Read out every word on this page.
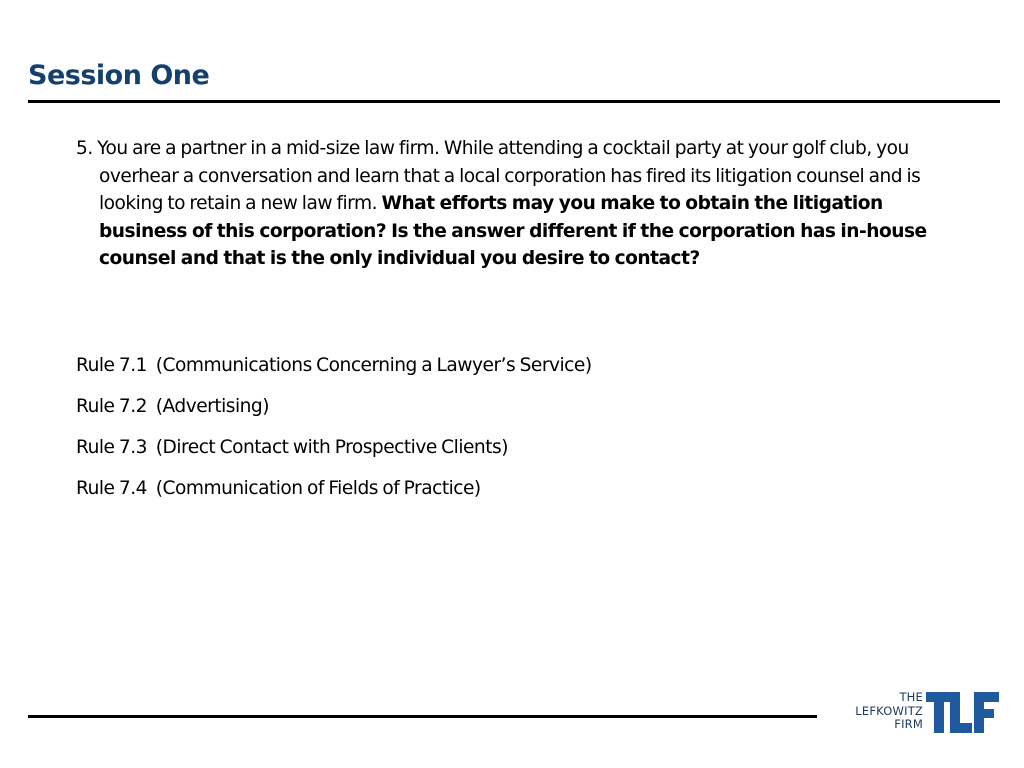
Session One
5. You are a partner in a mid-size law firm. While attending a cocktail party at your golf club, you overhear a conversation and learn that a local corporation has fired its litigation counsel and is looking to retain a new law firm. What efforts may you make to obtain the litigation business of this corporation? Is the answer different if the corporation has in-house counsel and that is the only individual you desire to contact?
Rule 7.1  (Communications Concerning a Lawyer’s Service)
Rule 7.2  (Advertising)
Rule 7.3  (Direct Contact with Prospective Clients)
Rule 7.4  (Communication of Fields of Practice)
THE
LEFKOWITZ
FIRM
